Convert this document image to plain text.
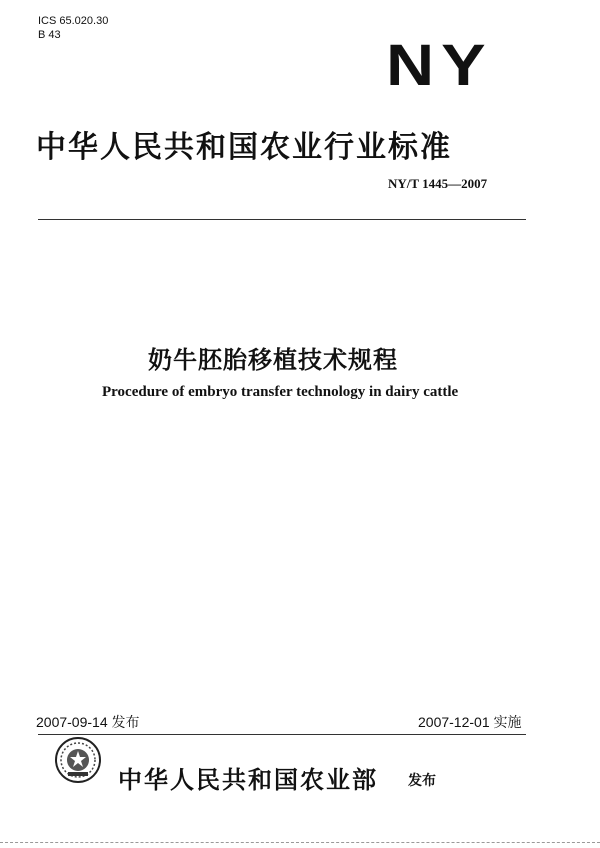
ICS 65.020.30
B 43	NY
中华人民共和国农业行业标准
NY/T 1445—2007
奶牛胚胎移植技术规程
Procedure of embryo transfer technology in dairy cattle
2007-09-14 发布	2007-12-01 实施
中华人民共和国农业部 发布
